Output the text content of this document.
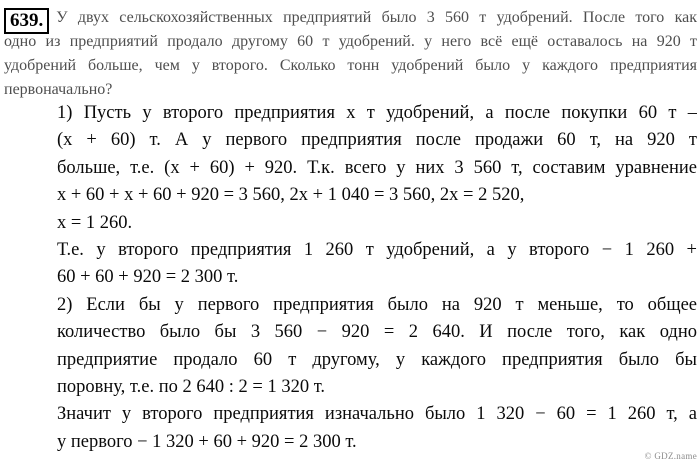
639. У двух сельскохозяйственных предприятий было 3 560 т удобрений. После того как
одно из предприятий продало другому 60 т удобрений. у него всё ещё оставалось на 920 т
удобрений больше, чем у второго. Сколько тонн удобрений было у каждого предприятия
первоначально?
1) Пусть у второго предприятия x т удобрений, а после покупки 60 т –
(x + 60) т. А у первого предприятия после продажи 60 т, на 920 т
больше, т.е. (x + 60) + 920. Т.к. всего у них 3 560 т, составим уравнение
x + 60 + x + 60 + 920 = 3 560, 2x + 1 040 = 3 560, 2x = 2 520,
x = 1 260.
Т.е. у второго предприятия 1 260 т удобрений, а у второго − 1 260 +
60 + 60 + 920 = 2 300 т.
2) Если бы у первого предприятия было на 920 т меньше, то общее
количество было бы 3 560 − 920 = 2 640. И после того, как одно
предприятие продало 60 т другому, у каждого предприятия было бы
поровну, т.е. по 2 640 : 2 = 1 320 т.
Значит у второго предприятия изначально было 1 320 − 60 = 1 260 т, а
у первого − 1 320 + 60 + 920 = 2 300 т.
© GDZ.name
